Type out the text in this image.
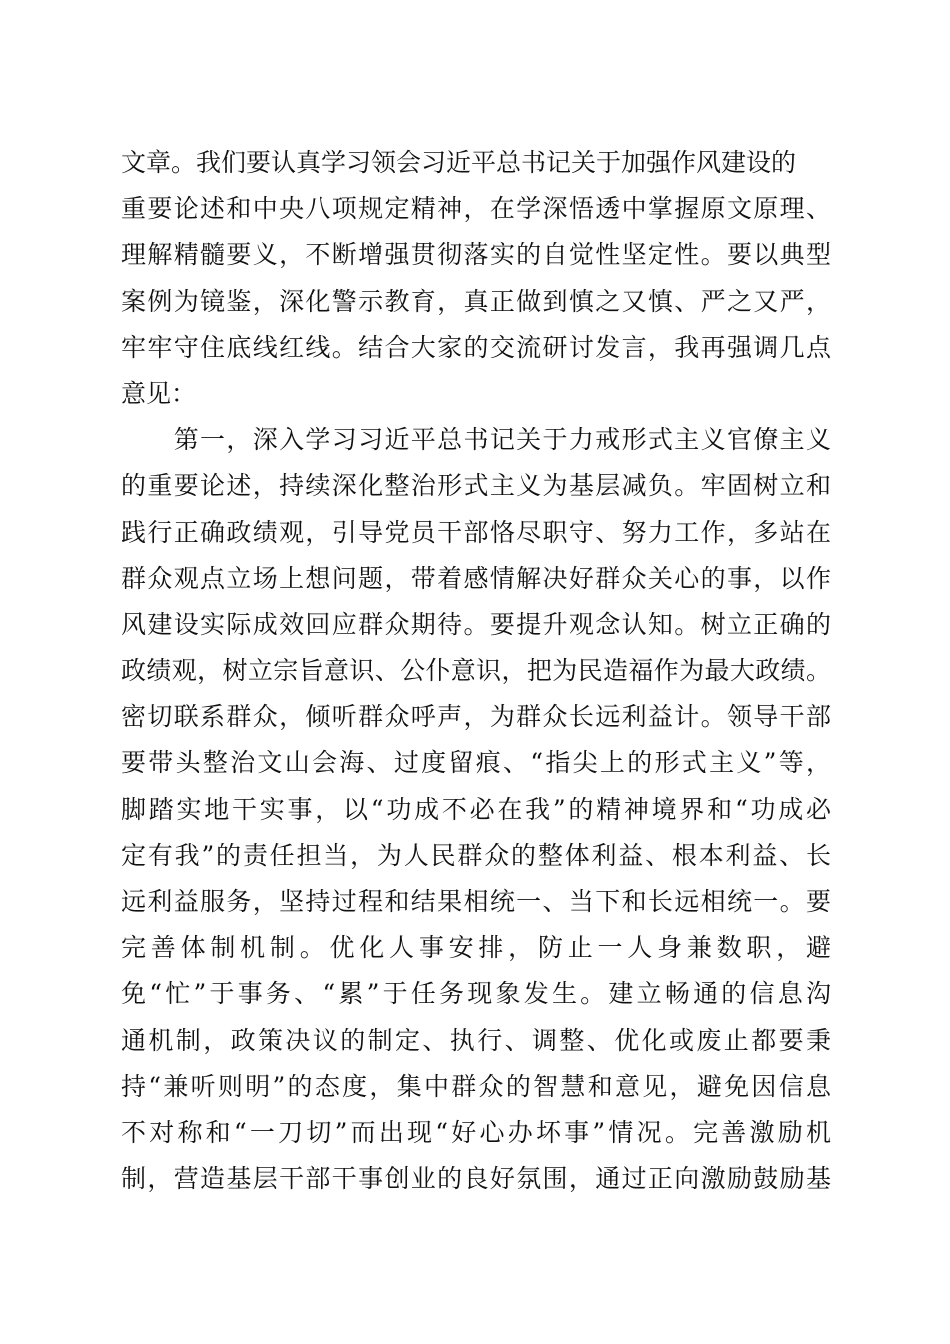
文章。我们要认真学习领会习近平总书记关于加强作风建设的
重要论述和中央八项规定精神，在学深悟透中掌握原文原理、
理解精髓要义，不断增强贯彻落实的自觉性坚定性。要以典型
案例为镜鉴，深化警示教育，真正做到慎之又慎、严之又严，
牢牢守住底线红线。结合大家的交流研讨发言，我再强调几点
意见：
　　第一，深入学习习近平总书记关于力戒形式主义官僚主义
的重要论述，持续深化整治形式主义为基层减负。牢固树立和
践行正确政绩观，引导党员干部恪尽职守、努力工作，多站在
群众观点立场上想问题，带着感情解决好群众关心的事，以作
风建设实际成效回应群众期待。要提升观念认知。树立正确的
政绩观，树立宗旨意识、公仆意识，把为民造福作为最大政绩。
密切联系群众，倾听群众呼声，为群众长远利益计。领导干部
要带头整治文山会海、过度留痕、“指尖上的形式主义”等，
脚踏实地干实事，以“功成不必在我”的精神境界和“功成必
定有我”的责任担当，为人民群众的整体利益、根本利益、长
远利益服务，坚持过程和结果相统一、当下和长远相统一。要
完善体制机制。优化人事安排，防止一人身兼数职，避
免“忙”于事务、“累”于任务现象发生。建立畅通的信息沟
通机制，政策决议的制定、执行、调整、优化或废止都要秉
持“兼听则明”的态度，集中群众的智慧和意见，避免因信息
不对称和“一刀切”而出现“好心办坏事”情况。完善激励机
制，营造基层干部干事创业的良好氛围，通过正向激励鼓励基
